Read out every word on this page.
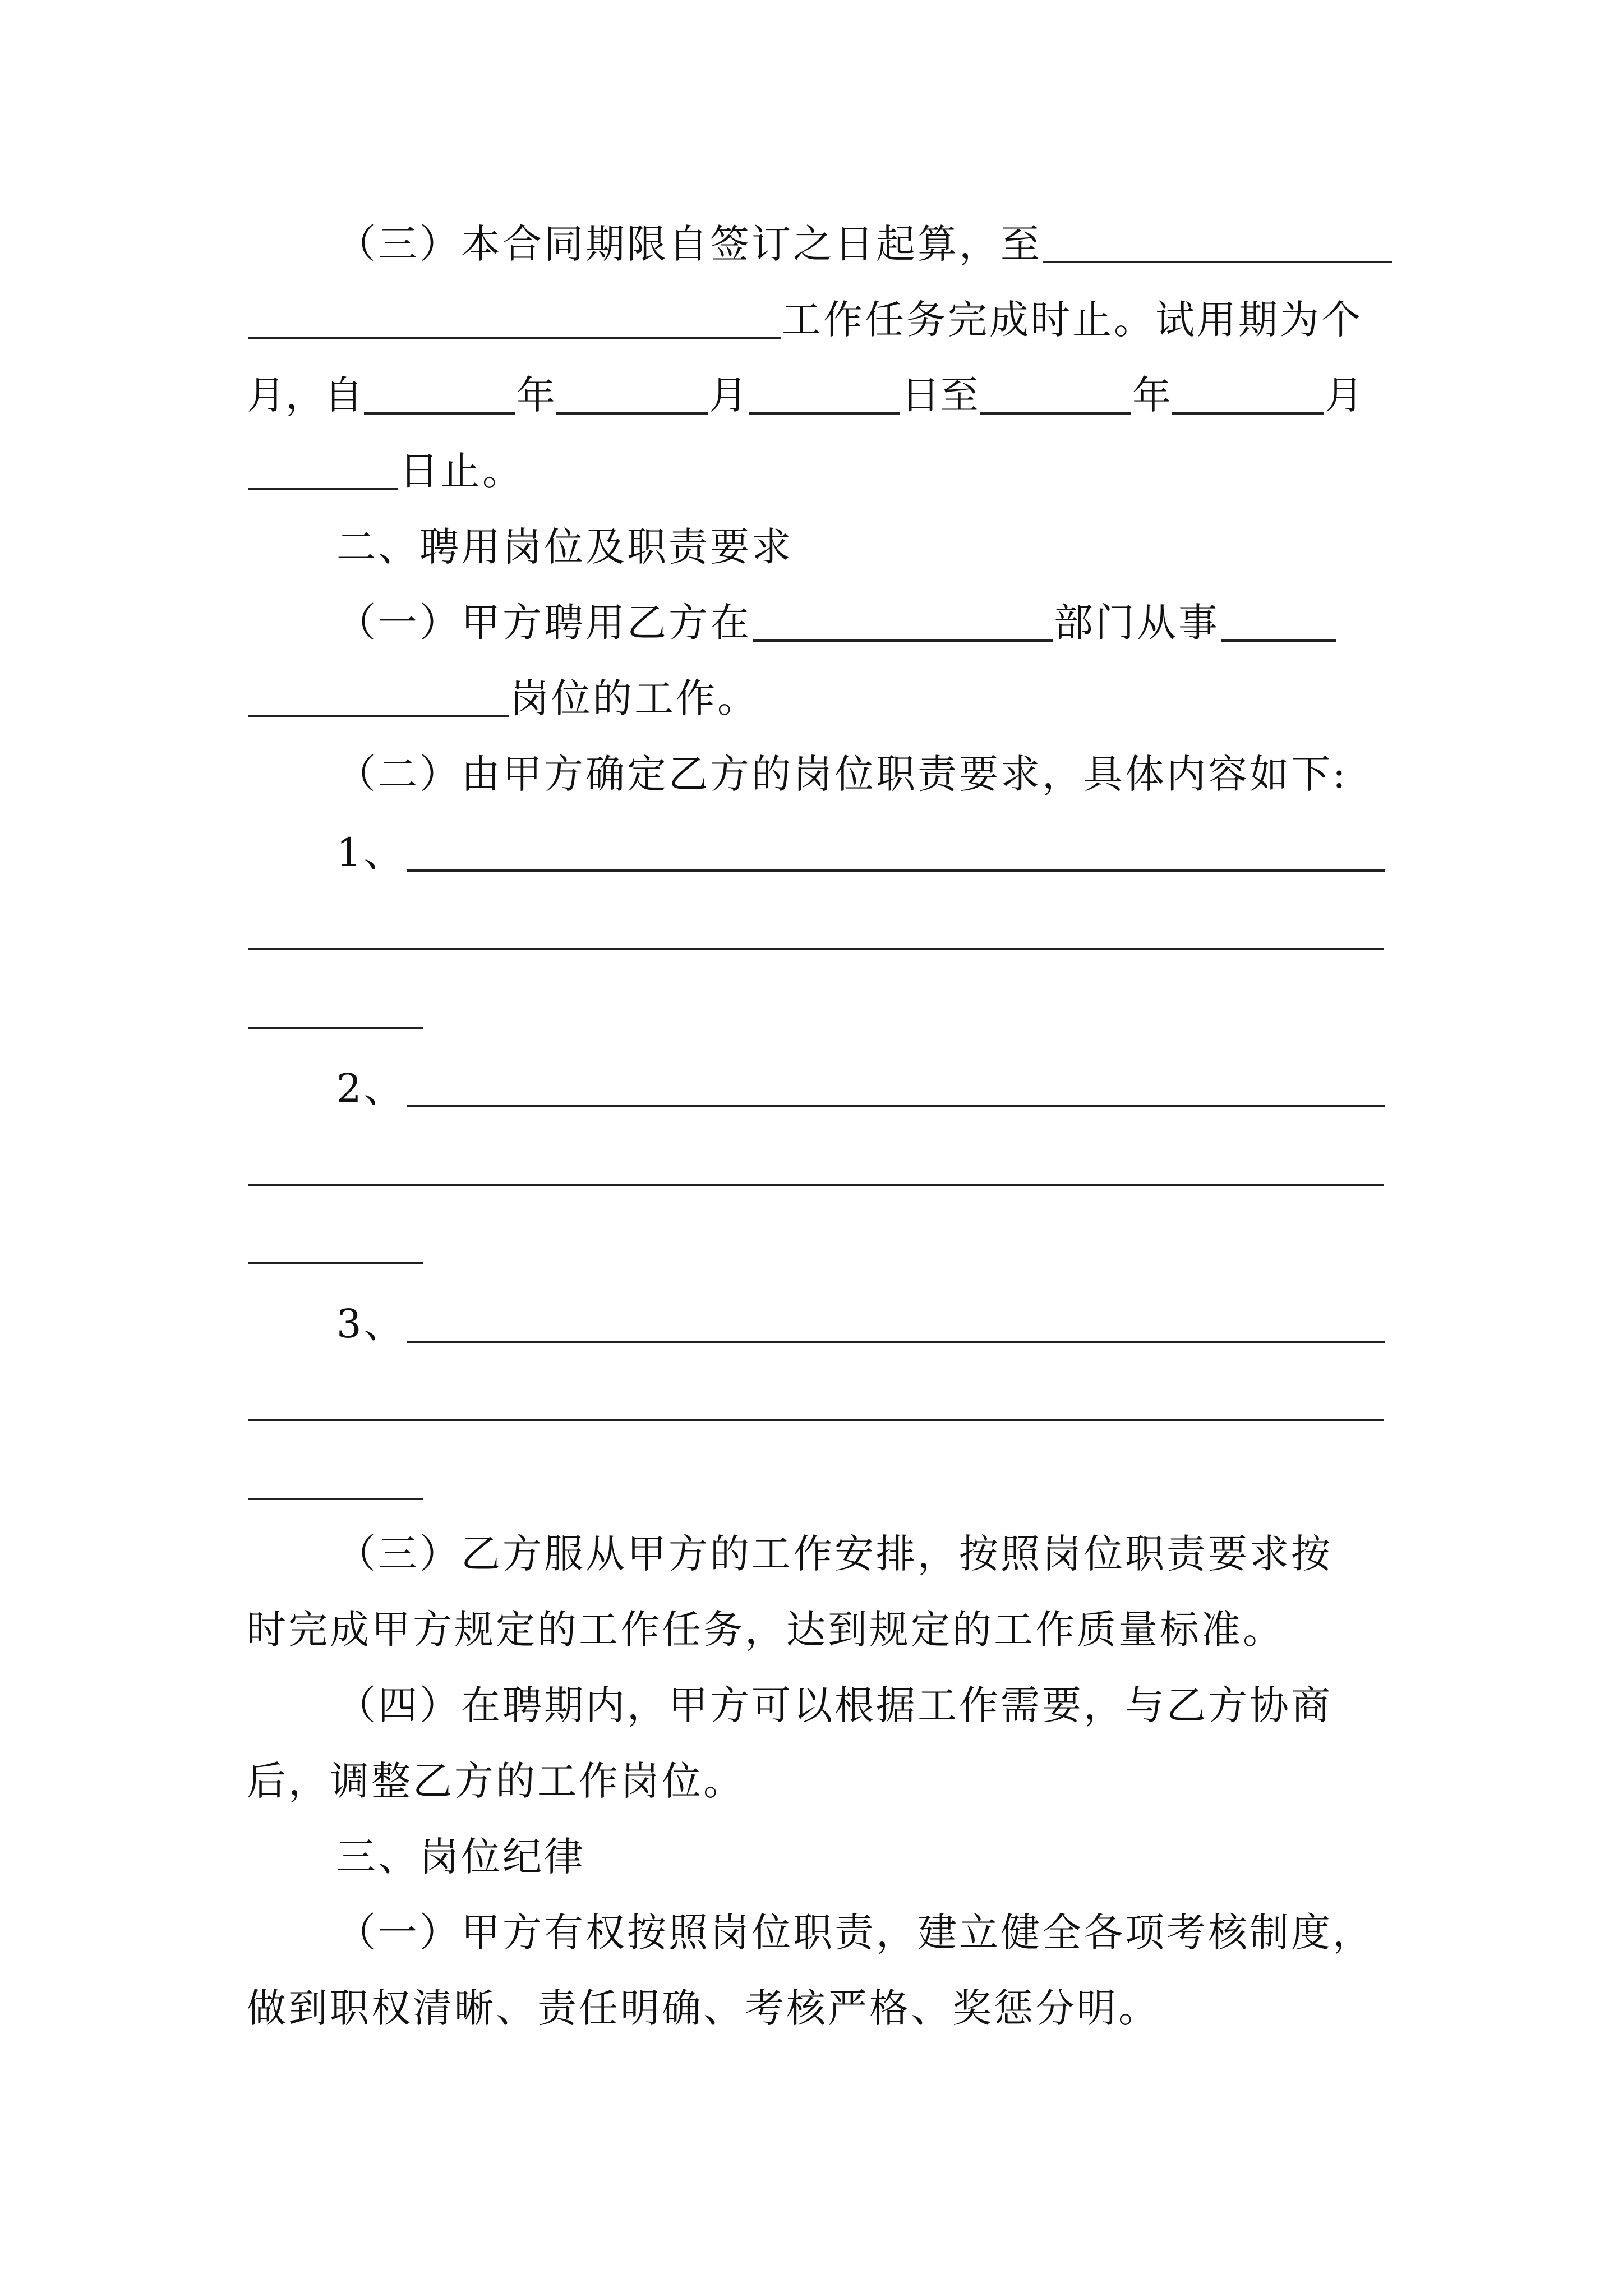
（三）本合同期限自签订之日起算，至
工作任务完成时止。试用期为个
月，自	年	月	日至	年	月
日止。
二、聘用岗位及职责要求
（一）甲方聘用乙方在	部门从事
岗位的工作。
（二）由甲方确定乙方的岗位职责要求，具体内容如下:
1、
2、
3、
（三）乙方服从甲方的工作安排，按照岗位职责要求按
时完成甲方规定的工作任务，达到规定的工作质量标准。
（四）在聘期内，甲方可以根据工作需要，与乙方协商
后，调整乙方的工作岗位。
三、岗位纪律
（一）甲方有权按照岗位职责，建立健全各项考核制度，
做到职权清晰、责任明确、考核严格、奖惩分明。
